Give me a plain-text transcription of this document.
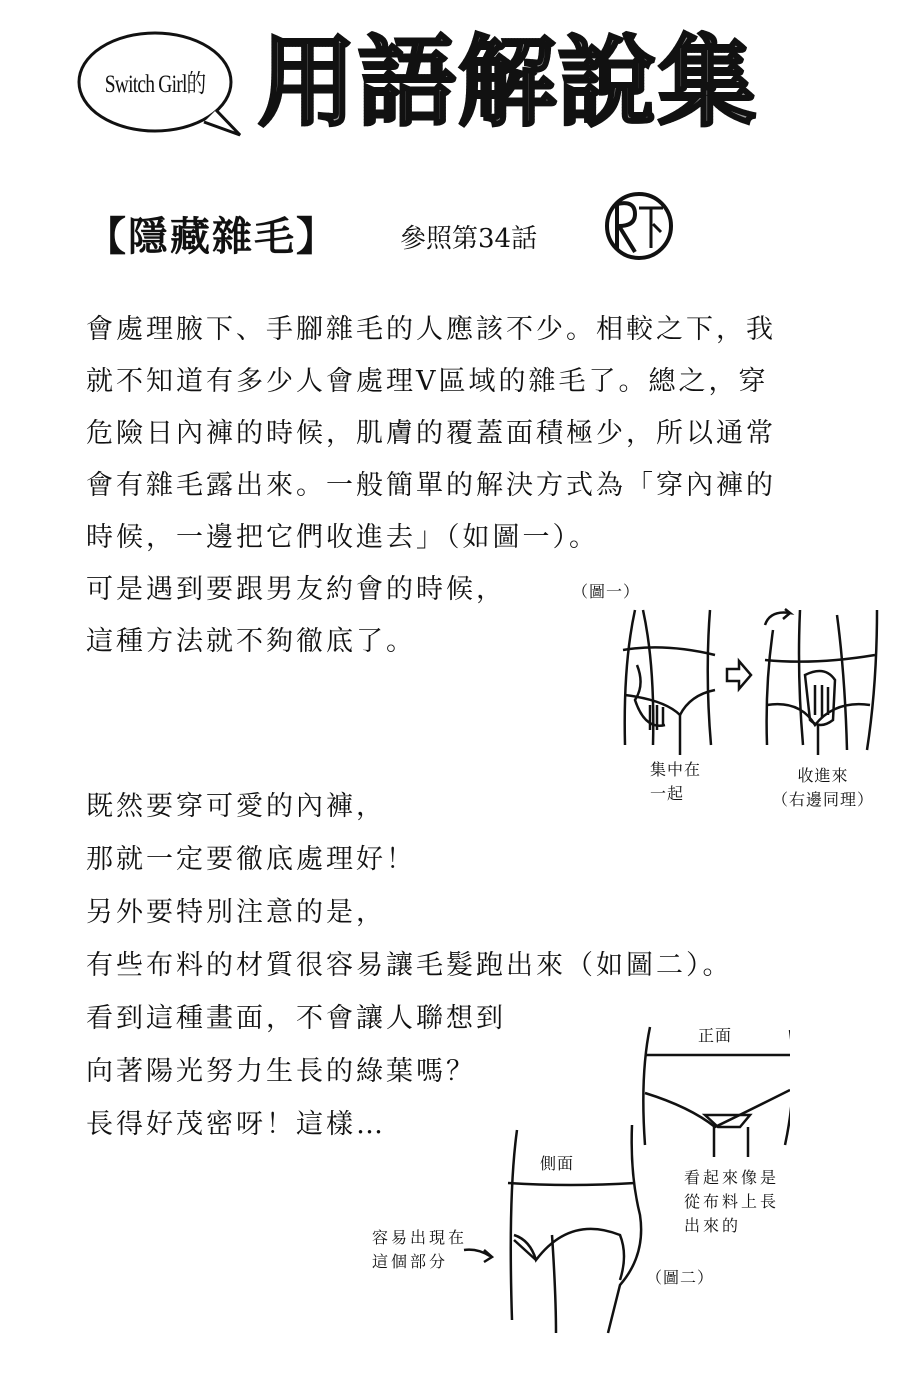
Switch Girl的 用語解說集
【隱藏雜毛】 參照第34話
會處理腋下、手腳雜毛的人應該不少。相較之下，我
就不知道有多少人會處理V區域的雜毛了。總之，穿
危險日內褲的時候，肌膚的覆蓋面積極少，所以通常
會有雜毛露出來。一般簡單的解決方式為「穿內褲的
時候，一邊把它們收進去」（如圖一）。
可是遇到要跟男友約會的時候，
這種方法就不夠徹底了。
（圖一）
集中在
一起
收進來
（右邊同理）
既然要穿可愛的內褲，
那就一定要徹底處理好！
另外要特別注意的是，
有些布料的材質很容易讓毛髮跑出來（如圖二）。
看到這種畫面，不會讓人聯想到
向著陽光努力生長的綠葉嗎？
長得好茂密呀！這樣…
正面
側面
看起來像是
從布料上長
出來的
容易出現在
這個部分
（圖二）
